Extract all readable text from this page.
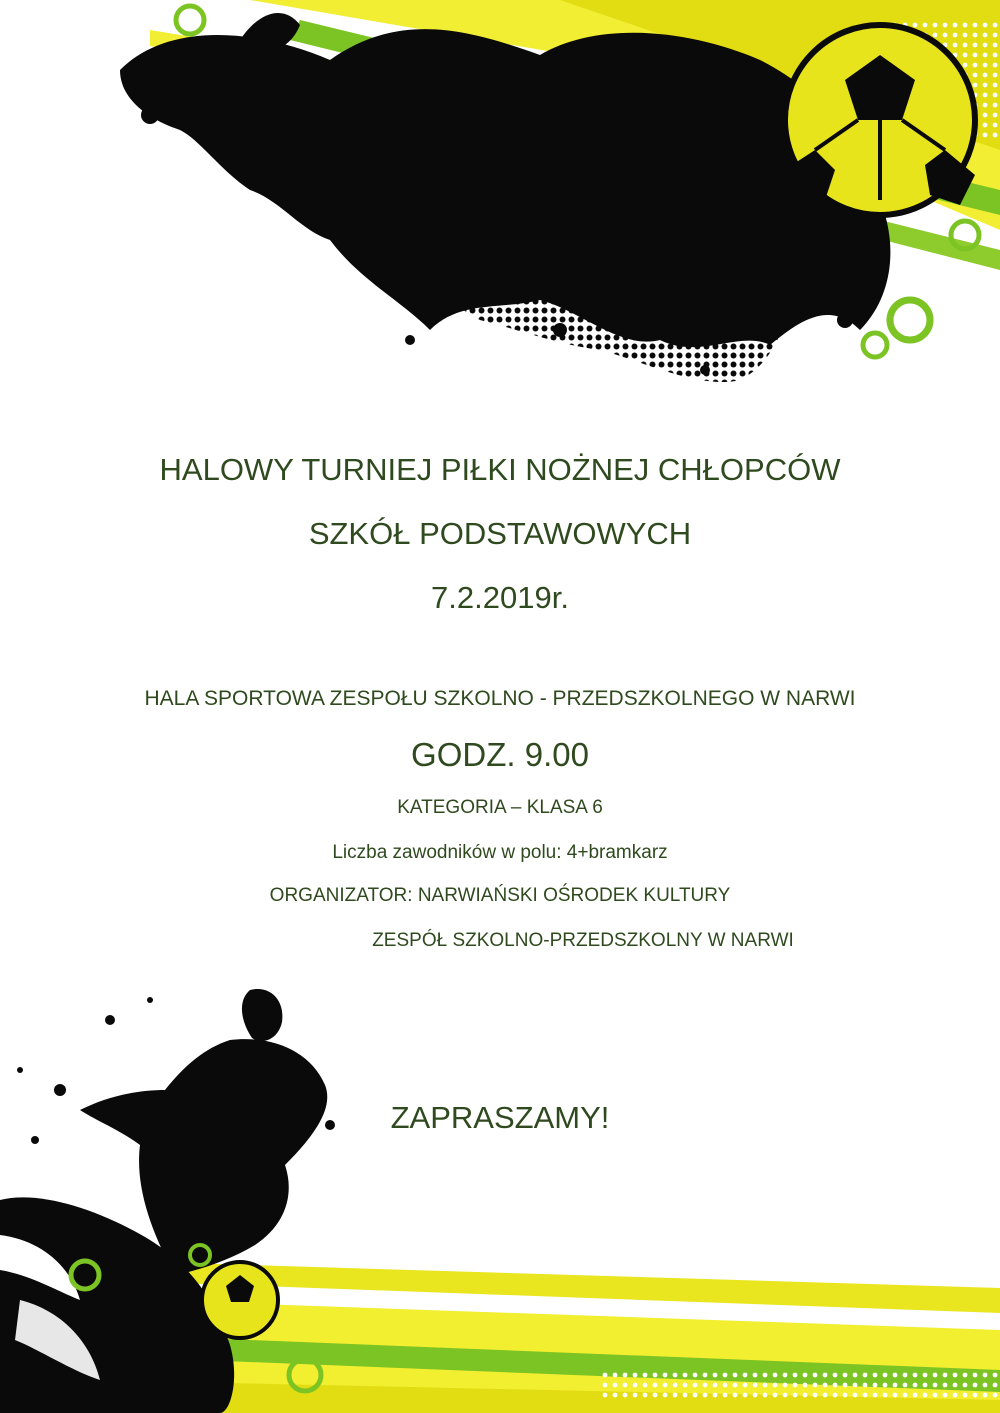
HALOWY TURNIEJ PIŁKI NOŻNEJ CHŁOPCÓW
SZKÓŁ PODSTAWOWYCH
7.2.2019r.
HALA SPORTOWA ZESPOŁU SZKOLNO - PRZEDSZKOLNEGO W NARWI
GODZ. 9.00
KATEGORIA – KLASA 6
Liczba zawodników w polu: 4+bramkarz
ORGANIZATOR: NARWIAŃSKI OŚRODEK KULTURY
ZESPÓŁ SZKOLNO-PRZEDSZKOLNY W NARWI
ZAPRASZAMY!
